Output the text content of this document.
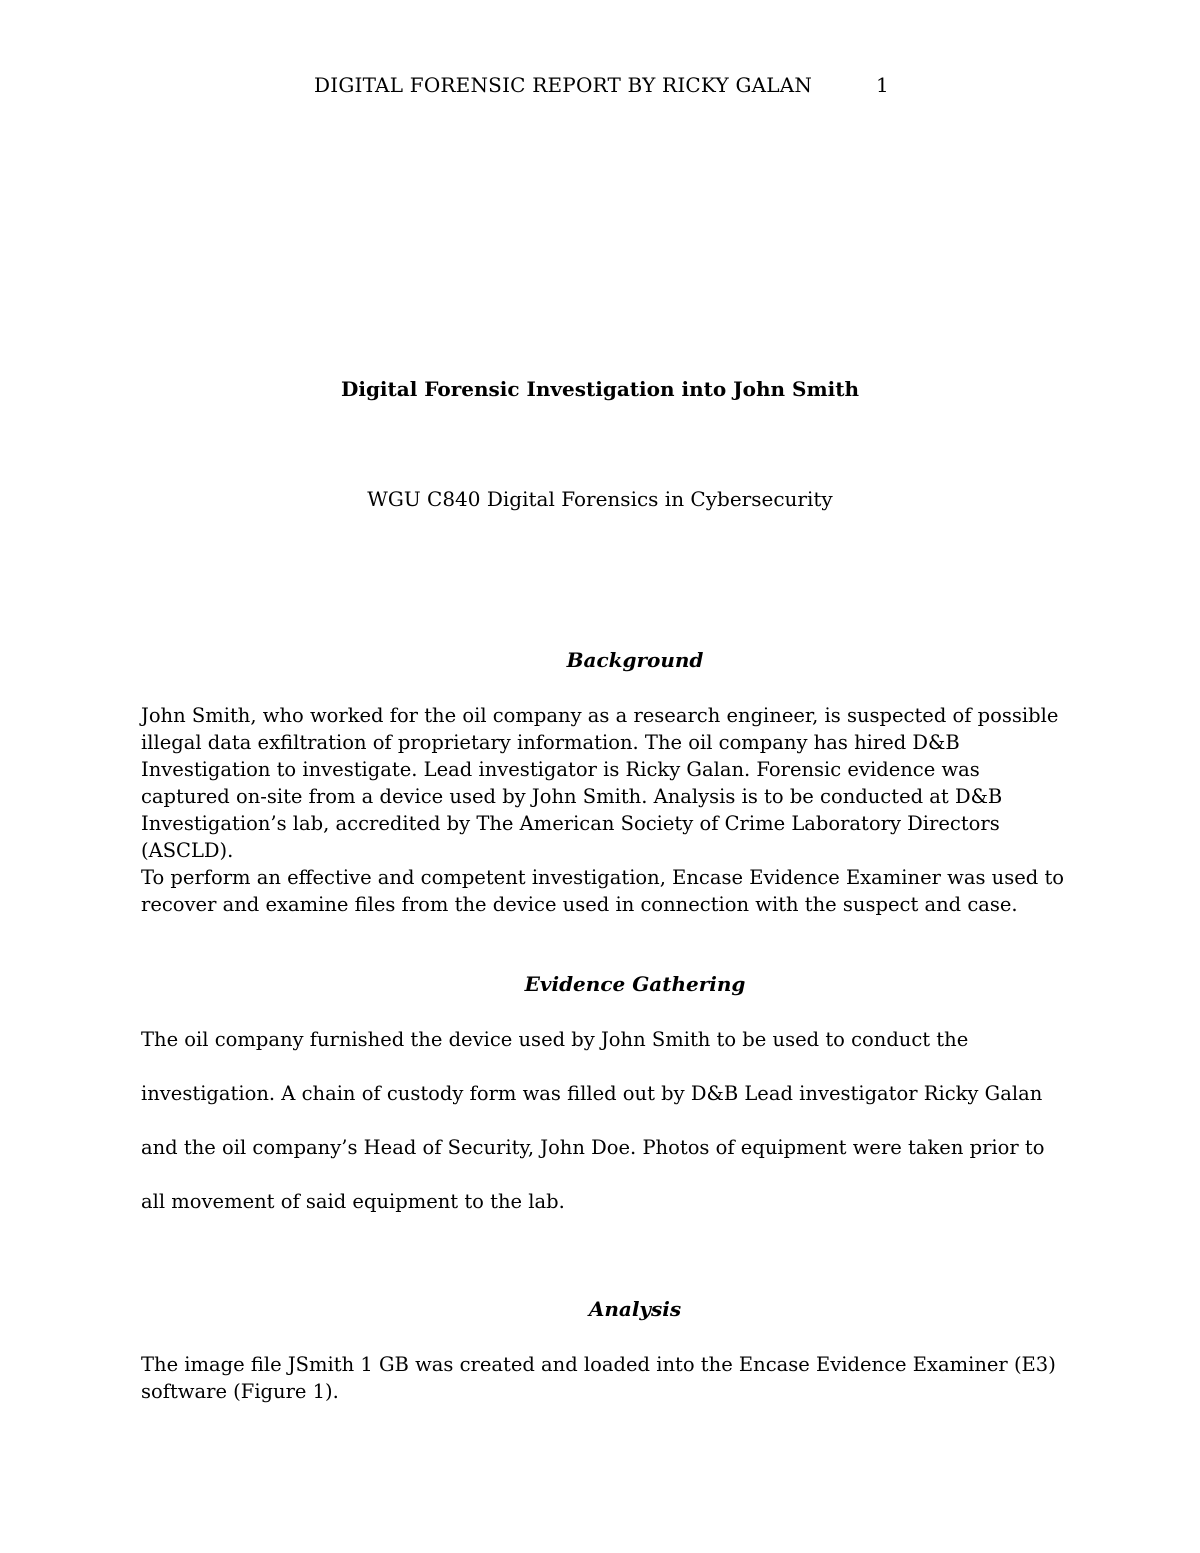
DIGITAL FORENSIC REPORT BY RICKY GALAN	1
Digital Forensic Investigation into John Smith
WGU C840 Digital Forensics in Cybersecurity
Background

John Smith, who worked for the oil company as a research engineer, is suspected of possible illegal data exfiltration of proprietary information. The oil company has hired D&B Investigation to investigate. Lead investigator is Ricky Galan. Forensic evidence was captured on-site from a device used by John Smith. Analysis is to be conducted at D&B Investigation’s lab, accredited by The American Society of Crime Laboratory Directors (ASCLD).

To perform an effective and competent investigation, Encase Evidence Examiner was used to recover and examine files from the device used in connection with the suspect and case.

Evidence Gathering

The oil company furnished the device used by John Smith to be used to conduct the investigation. A chain of custody form was filled out by D&B Lead investigator Ricky Galan and the oil company’s Head of Security, John Doe. Photos of equipment were taken prior to all movement of said equipment to the lab.

Analysis

The image file JSmith 1 GB was created and loaded into the Encase Evidence Examiner (E3) software (Figure 1).
